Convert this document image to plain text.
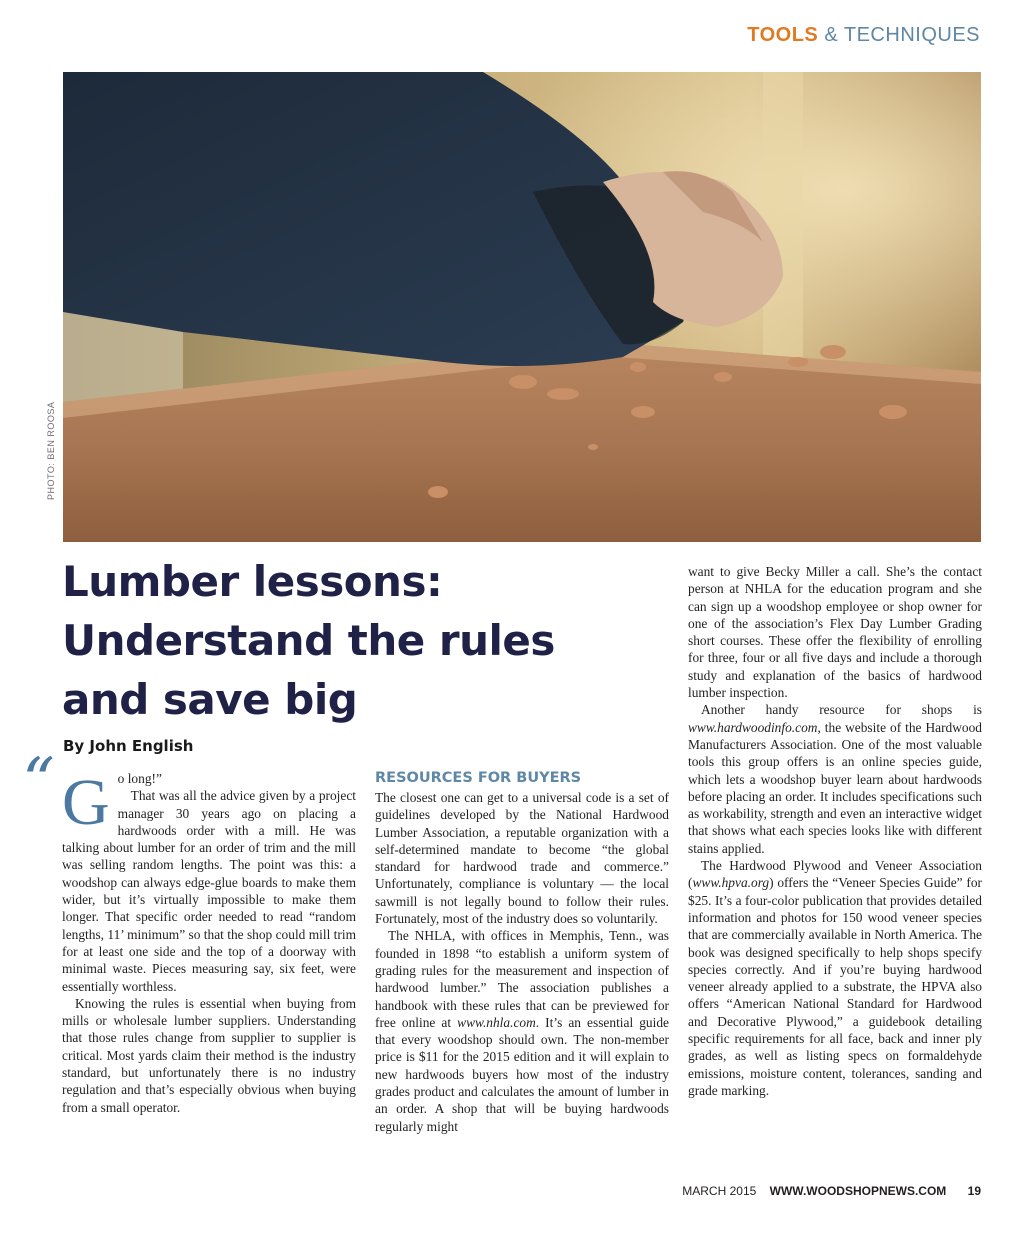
TOOLS & TECHNIQUES
PHOTO: BEN ROOSA
Lumber lessons:
Understand the rules
and save big
By John English
“ Go long!”

That was all the advice given by a project manager 30 years ago on placing a hardwoods order with a mill. He was talking about lumber for an order of trim and the mill was selling random lengths. The point was this: a woodshop can always edge-glue boards to make them wider, but it’s virtually impossible to make them longer. That specific order needed to read “random lengths, 11’ minimum” so that the shop could mill trim for at least one side and the top of a doorway with minimal waste. Pieces measuring say, six feet, were essentially worthless.

Knowing the rules is essential when buying from mills or wholesale lumber suppliers. Understanding that those rules change from supplier to supplier is critical. Most yards claim their method is the industry standard, but unfortunately there is no industry regulation and that’s especially obvious when buying from a small operator.

RESOURCES FOR BUYERS

The closest one can get to a universal code is a set of guidelines developed by the National Hardwood Lumber Association, a reputable organization with a self-determined mandate to become “the global standard for hardwood trade and commerce.” Unfortunately, compliance is voluntary — the local sawmill is not legally bound to follow their rules. Fortunately, most of the industry does so voluntarily.

The NHLA, with offices in Memphis, Tenn., was founded in 1898 “to establish a uniform system of grading rules for the measurement and inspection of hardwood lumber.” The association publishes a handbook with these rules that can be previewed for free online at www.nhla.com. It’s an essential guide that every woodshop should own. The non-member price is $11 for the 2015 edition and it will explain to new hardwoods buyers how most of the industry grades product and calculates the amount of lumber in an order. A shop that will be buying hardwoods regularly might

want to give Becky Miller a call. She’s the contact person at NHLA for the education program and she can sign up a woodshop employee or shop owner for one of the association’s Flex Day Lumber Grading short courses. These offer the flexibility of enrolling for three, four or all five days and include a thorough study and explanation of the basics of hardwood lumber inspection.

Another handy resource for shops is www.hardwoodinfo.com, the website of the Hardwood Manufacturers Association. One of the most valuable tools this group offers is an online species guide, which lets a woodshop buyer learn about hardwoods before placing an order. It includes specifications such as workability, strength and even an interactive widget that shows what each species looks like with different stains applied.

The Hardwood Plywood and Veneer Association (www.hpva.org) offers the “Veneer Species Guide” for $25. It’s a four-color publication that provides detailed information and photos for 150 wood veneer species that are commercially available in North America. The book was designed specifically to help shops specify species correctly. And if you’re buying hardwood veneer already applied to a substrate, the HPVA also offers “American National Standard for Hardwood and Decorative Plywood,” a guidebook detailing specific requirements for all face, back and inner ply grades, as well as listing specs on formaldehyde emissions, moisture content, tolerances, sanding and grade marking.

MARCH 2015 WWW.WOODSHOPNEWS.COM 19
